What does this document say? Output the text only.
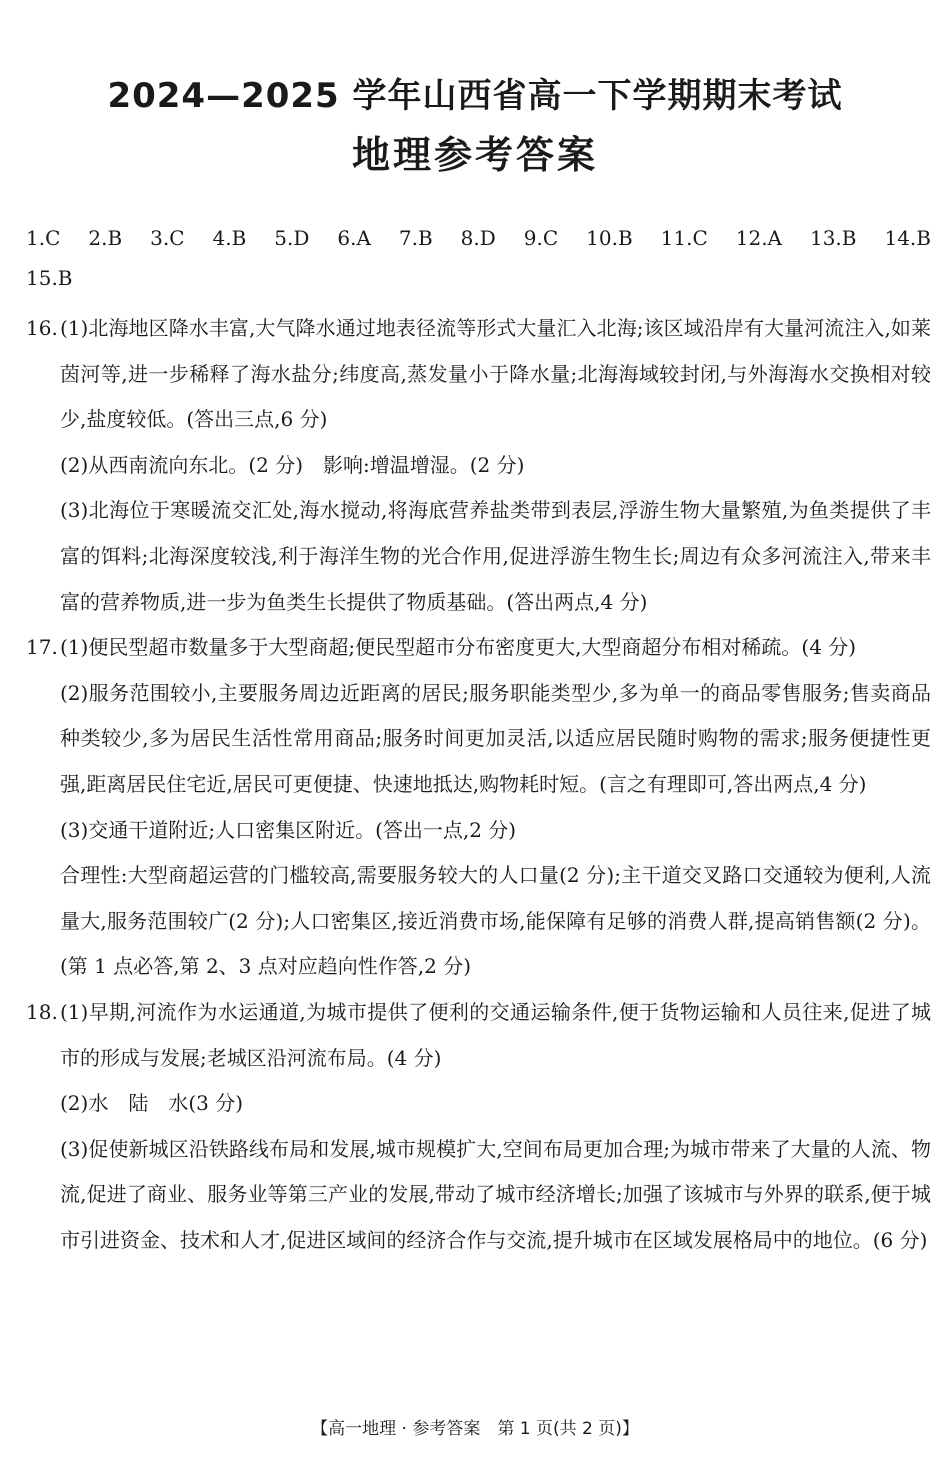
2024—2025 学年山西省高一下学期期末考试
地理参考答案
1.C 2.B 3.C 4.B 5.D 6.A 7.B 8.D 9.C 10.B 11.C 12.A 13.B 14.B
15.B
16. (1)北海地区降水丰富,大气降水通过地表径流等形式大量汇入北海;该区域沿岸有大量河流注入,如莱茵河等,进一步稀释了海水盐分;纬度高,蒸发量小于降水量;北海海域较封闭,与外海海水交换相对较少,盐度较低。(答出三点,6 分)

(2)从西南流向东北。(2 分)　影响:增温增湿。(2 分)

(3)北海位于寒暖流交汇处,海水搅动,将海底营养盐类带到表层,浮游生物大量繁殖,为鱼类提供了丰富的饵料;北海深度较浅,利于海洋生物的光合作用,促进浮游生物生长;周边有众多河流注入,带来丰富的营养物质,进一步为鱼类生长提供了物质基础。(答出两点,4 分)

17. (1)便民型超市数量多于大型商超;便民型超市分布密度更大,大型商超分布相对稀疏。(4 分)

(2)服务范围较小,主要服务周边近距离的居民;服务职能类型少,多为单一的商品零售服务;售卖商品种类较少,多为居民生活性常用商品;服务时间更加灵活,以适应居民随时购物的需求;服务便捷性更强,距离居民住宅近,居民可更便捷、快速地抵达,购物耗时短。(言之有理即可,答出两点,4 分)

(3)交通干道附近;人口密集区附近。(答出一点,2 分)

合理性:大型商超运营的门槛较高,需要服务较大的人口量(2 分);主干道交叉路口交通较为便利,人流量大,服务范围较广(2 分);人口密集区,接近消费市场,能保障有足够的消费人群,提高销售额(2 分)。(第 1 点必答,第 2、3 点对应趋向性作答,2 分)

18. (1)早期,河流作为水运通道,为城市提供了便利的交通运输条件,便于货物运输和人员往来,促进了城市的形成与发展;老城区沿河流布局。(4 分)

(2)水　陆　水(3 分)

(3)促使新城区沿铁路线布局和发展,城市规模扩大,空间布局更加合理;为城市带来了大量的人流、物流,促进了商业、服务业等第三产业的发展,带动了城市经济增长;加强了该城市与外界的联系,便于城市引进资金、技术和人才,促进区域间的经济合作与交流,提升城市在区域发展格局中的地位。(6 分)

【高一地理 · 参考答案　第 1 页(共 2 页)】
